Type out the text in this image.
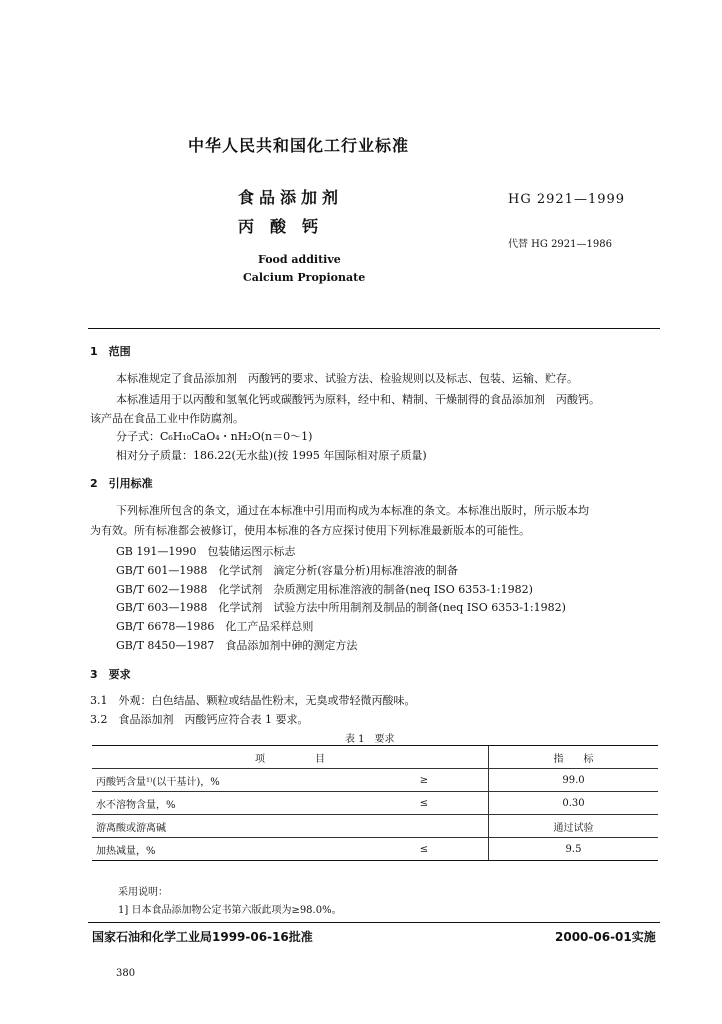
中华人民共和国化工行业标准
食品添加剂
丙　酸　钙
HG 2921—1999
代替 HG 2921—1986
Food additive
Calcium Propionate
1　范围
本标准规定了食品添加剂　丙酸钙的要求、试验方法、检验规则以及标志、包装、运输、贮存。
本标准适用于以丙酸和氢氧化钙或碳酸钙为原料，经中和、精制、干燥制得的食品添加剂　丙酸钙。
该产品在食品工业中作防腐剂。
分子式：C₆H₁₀CaO₄・nH₂O(n＝0～1)
相对分子质量：186.22(无水盐)(按 1995 年国际相对原子质量)
2　引用标准
下列标准所包含的条文，通过在本标准中引用而构成为本标准的条文。本标准出版时，所示版本均
为有效。所有标准都会被修订，使用本标准的各方应探讨使用下列标准最新版本的可能性。
GB 191—1990　包装储运图示标志
GB/T 601—1988　化学试剂　滴定分析(容量分析)用标准溶液的制备
GB/T 602—1988　化学试剂　杂质测定用标准溶液的制备(neq ISO 6353-1:1982)
GB/T 603—1988　化学试剂　试验方法中所用制剂及制品的制备(neq ISO 6353-1:1982)
GB/T 6678—1986　化工产品采样总则
GB/T 8450—1987　食品添加剂中砷的测定方法
3　要求
3.1　外观：白色结晶、颗粒或结晶性粉末，无臭或带轻微丙酸味。
3.2　食品添加剂　丙酸钙应符合表 1 要求。
表 1　要求
项　　　　　目		指　　标
丙酸钙含量¹⁾(以干基计)，%	≥	99.0
水不溶物含量，%	≤	0.30
游离酸或游离碱		通过试验
加热减量，%	≤	9.5
采用说明：
1] 日本食品添加物公定书第六版此项为≥98.0%。
国家石油和化学工业局1999-06-16批准	2000-06-01实施
380
